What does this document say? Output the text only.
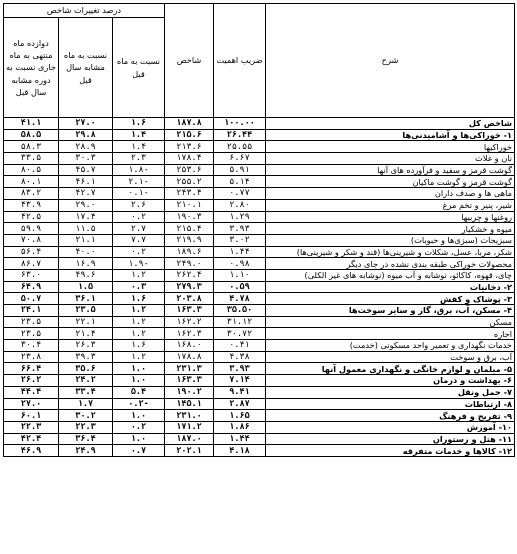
شرح	ضریب اهمیت	شاخص	درصد تغییرات شاخص		
			نسبت به ماه قبل	نسبت به ماه مشابه سال قبل	دوازده ماه منتهی به ماه جاری نسبت به دوره مشابه سال قبل
شاخص کل	۱۰۰.۰۰	۱۸۷.۸	۱.۶	۲۷.۰	۴۱.۱
۱- خوراکی‌ها و آشامیدنی‌ها	۲۶.۴۴	۲۱۵.۶	۱.۴	۲۹.۸	۵۸.۵
خوراکیها	۲۵.۵۵	۲۱۳.۶	۱.۴	۲۸.۹	۵۸.۳
نان و غلات	۶.۶۷	۱۷۸.۴	۲.۳	۳۰.۳	۳۳.۵
گوشت قرمز و سفید و فرآورده های آنها	۵.۹۱	۲۵۳.۶	-۱.۸	۴۵.۷	۸۰.۵
گوشت قرمز و گوشت ماکیان	۵.۱۴	۲۵۵.۲	-۲.۱	۴۶.۱	۸۰.۱
ماهی ها و صدف داران	۰.۷۷	۲۴۳.۴	-۰.۱	۴۲.۷	۸۳.۲
شیر، پنیر و تخم مرغ	۲.۸۰	۲۱۰.۱	۲.۶	۲۹.۰	۴۳.۹
روغنها و چربیها	۱.۲۹	۱۹۰.۳	۰.۲	۱۷.۴	۴۲.۵
میوه و خشکبار	۳.۹۳	۲۱۵.۴	۲.۷	۱۱.۵	۵۹.۹
سبزیجات (سبزی‌ها و حبوبات)	۳.۰۲	۲۱۹.۹	۷.۷	۲۱.۱	۷۰.۸
شکر، مربا، عسل، شکلات و شیرینی‌ها (قند و شکر و شیرینی‌ها)	۱.۴۴	۱۸۹.۶	۰.۲	۴۰.۰	۵۶.۴
محصولات خوراکی طبقه بندی نشده در جای دیگر	۰.۹۸	۲۴۹.۰	-۱.۹	۱۶.۹	۸۶.۷
چای، قهوه، کاکائو، نوشابه و آب میوه (نوشابه های غیر الکلی)	۱.۱۰	۲۶۲.۴	۱.۲	۴۹.۶	۶۳.۰
۲- دخانیات	۰.۵۹	۲۷۹.۳	۰.۳	۱.۵	۶۴.۹
۳- پوشاک و کفش	۴.۷۸	۲۰۳.۸	۱.۶	۳۶.۱	۵۰.۷
۴- مسکن، آب، برق، گاز و سایر سوخت‌ها	۳۵.۵۰	۱۶۳.۳	۱.۲	۲۳.۵	۲۴.۱
مسکن	۳۱.۱۲	۱۶۲.۲	۱.۲	۲۲.۱	۲۳.۵
اجاره	۳۰.۷۲	۱۶۲.۳	۱.۲	۲۱.۴	۲۳.۵
خدمات نگهداری و تعمیر واحد مسکونی (خدمت)	۰.۴۱	۱۶۸.۰	۱.۶	۲۶.۳	۳۰.۴
آب، برق و سوخت	۴.۳۸	۱۷۸.۸	۱.۲	۳۹.۳	۲۳.۸
۵- مبلمان و لوازم خانگی و نگهداری معمول آنها	۳.۹۳	۲۳۱.۳	۱.۰	۳۵.۶	۶۶.۴
۶- بهداشت و درمان	۷.۱۴	۱۶۳.۳	۱.۰	۲۴.۲	۲۶.۲
۷- حمل ونقل	۹.۴۱	۱۹۰.۲	۵.۴	۳۳.۴	۴۴.۴
۸- ارتباطات	۲.۸۷	۱۴۵.۱	-۰.۲	۱.۷	۲۷.۰
۹- تفریح و فرهنگ	۱.۶۵	۲۳۱.۰	۱.۰	۳۰.۲	۶۰.۱
۱۰- آموزش	۱.۸۶	۱۷۱.۲	۰.۲	۲۲.۳	۲۲.۳
۱۱- هتل و رستوران	۱.۴۴	۱۸۷.۰	۱.۰	۳۶.۴	۴۲.۴
۱۲- کالاها و خدمات متفرقه	۴.۱۸	۲۰۲.۱	۰.۷	۲۴.۹	۴۶.۹
